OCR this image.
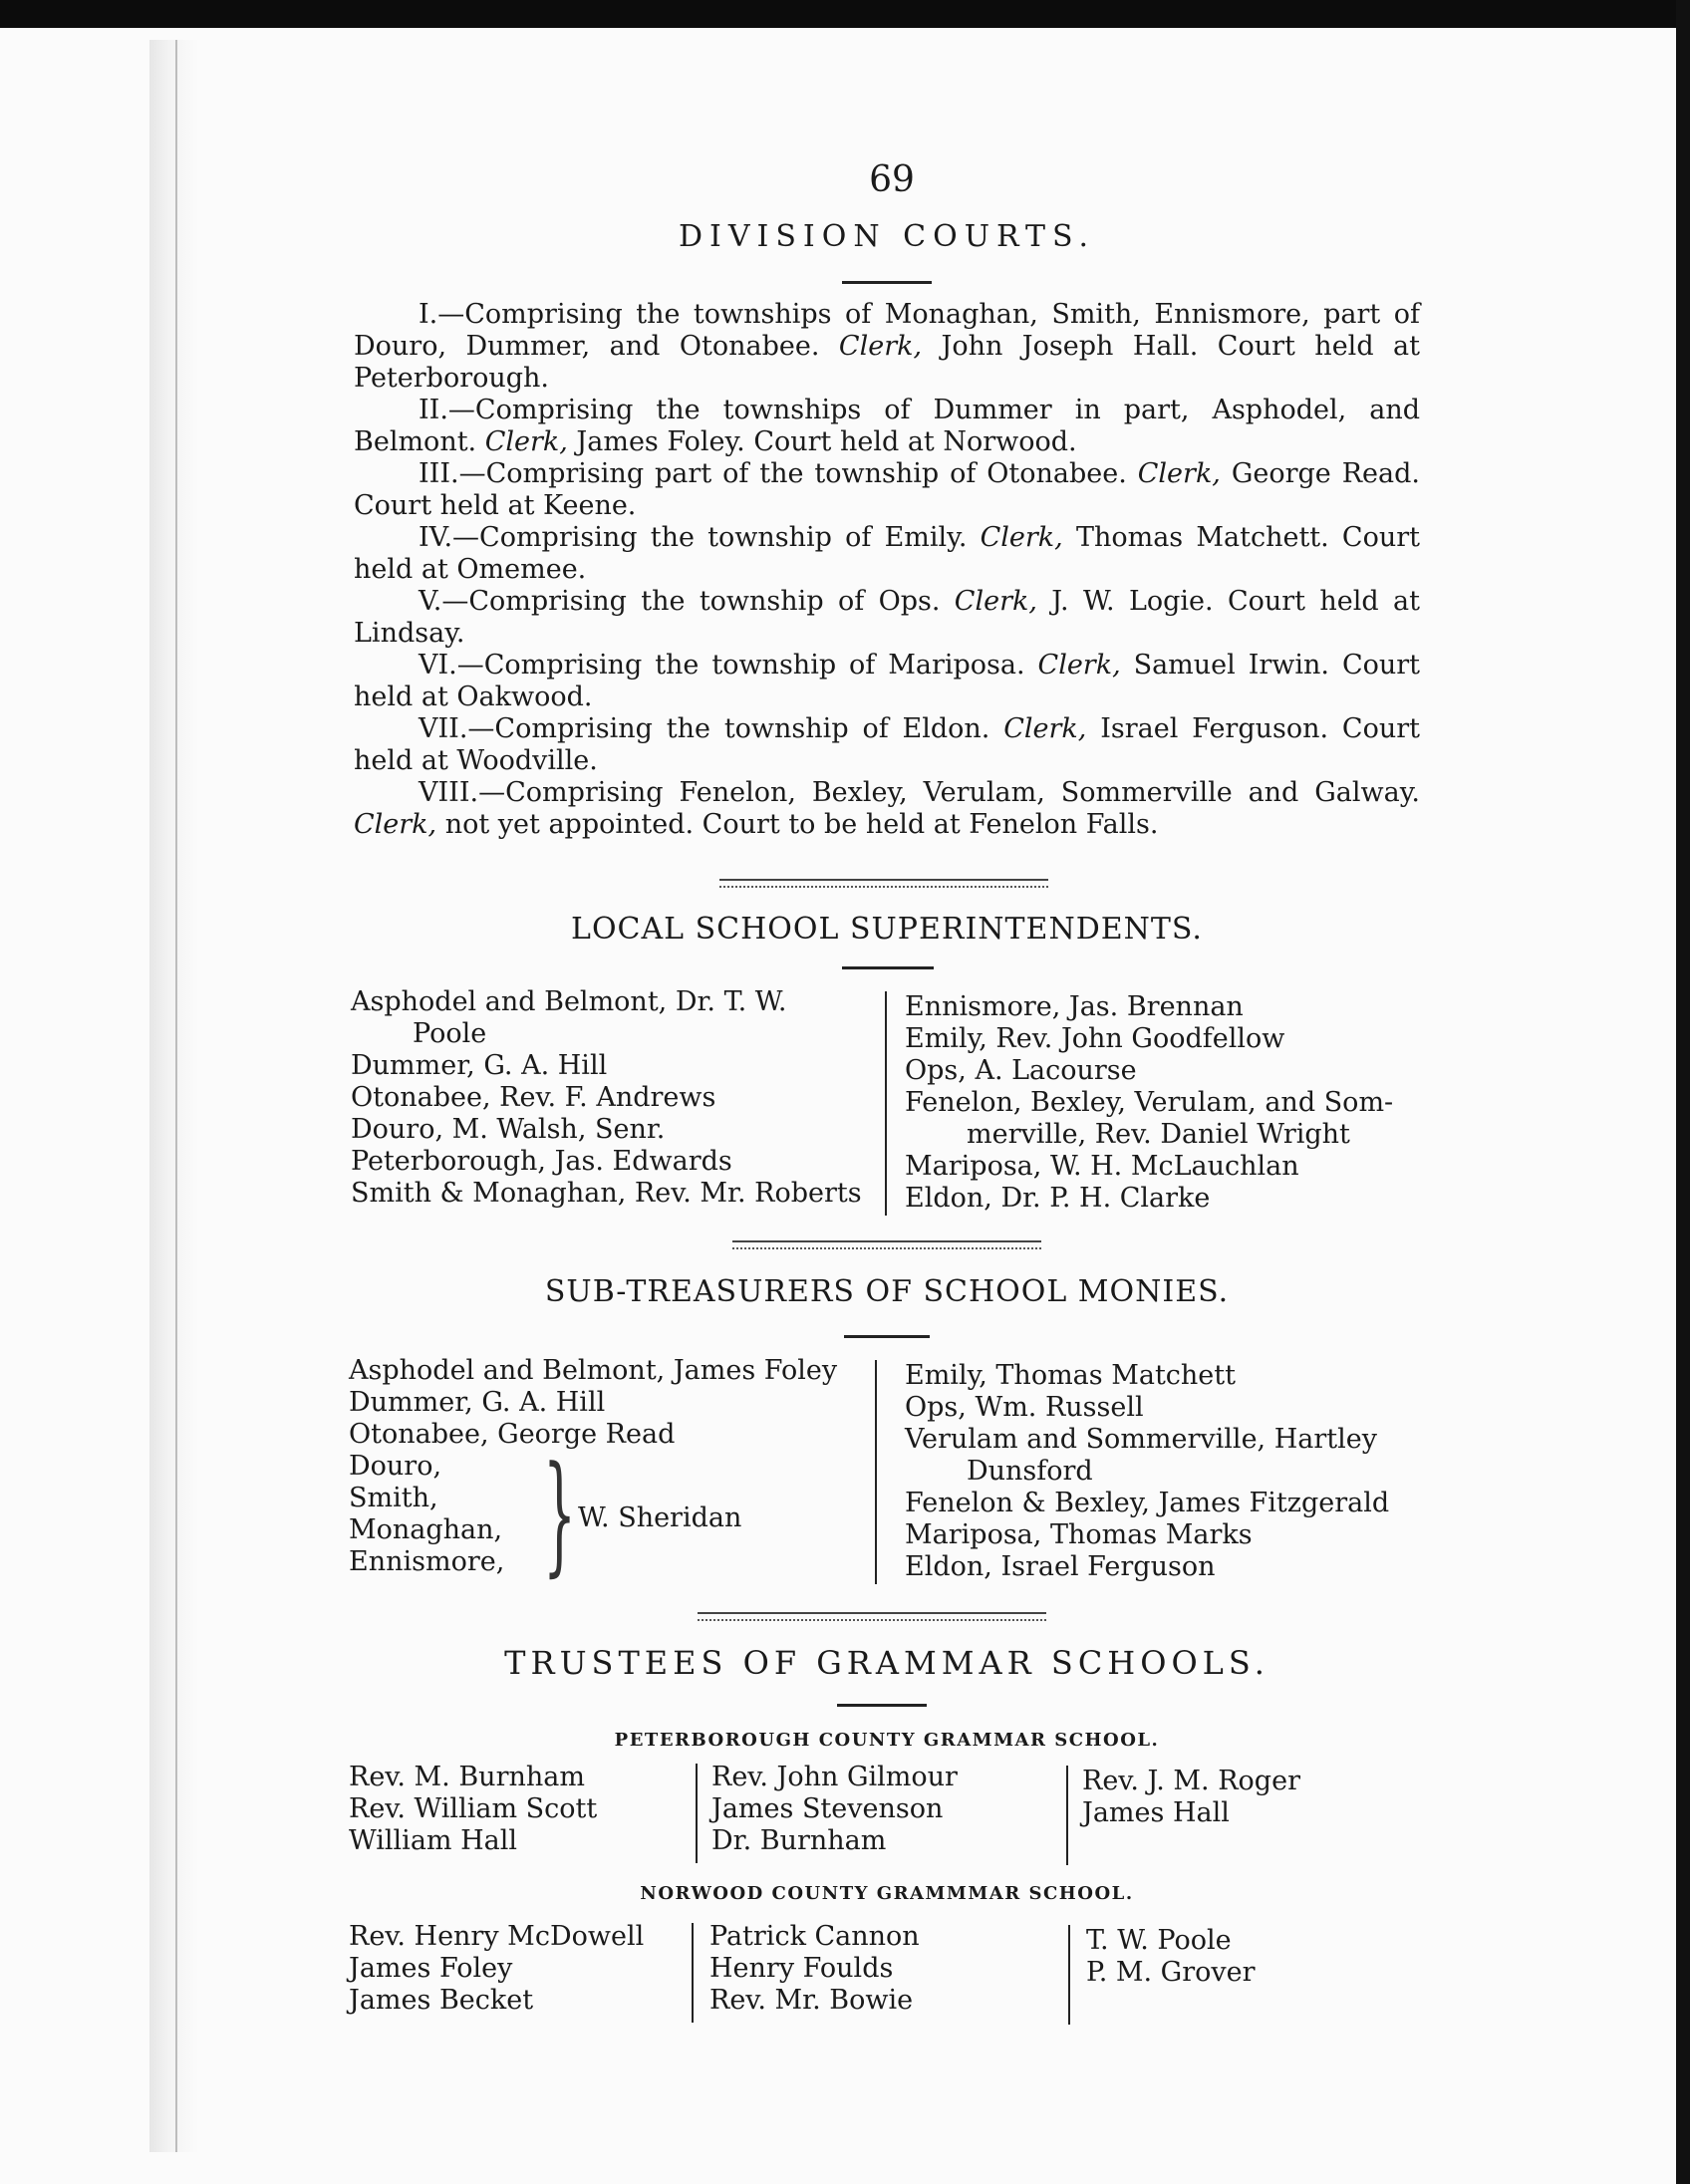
69
DIVISION COURTS.

I.—Comprising the townships of Monaghan, Smith, Ennismore, part of Douro, Dummer, and Otonabee. Clerk, John Joseph Hall. Court held at Peterborough.

II.—Comprising the townships of Dummer in part, Asphodel, and Belmont. Clerk, James Foley. Court held at Norwood.

III.—Comprising part of the township of Otonabee. Clerk, George Read. Court held at Keene.

IV.—Comprising the township of Emily. Clerk, Thomas Matchett. Court held at Omemee.

V.—Comprising the township of Ops. Clerk, J. W. Logie. Court held at Lindsay.

VI.—Comprising the township of Mariposa. Clerk, Samuel Irwin. Court held at Oakwood.

VII.—Comprising the township of Eldon. Clerk, Israel Ferguson. Court held at Woodville.

VIII.—Comprising Fenelon, Bexley, Verulam, Sommerville and Galway. Clerk, not yet appointed. Court to be held at Fenelon Falls.

LOCAL SCHOOL SUPERINTENDENTS.
Asphodel and Belmont, Dr. T. W.
Poole
Dummer, G. A. Hill
Otonabee, Rev. F. Andrews
Douro, M. Walsh, Senr.
Peterborough, Jas. Edwards
Smith & Monaghan, Rev. Mr. Roberts
Ennismore, Jas. Brennan
Emily, Rev. John Goodfellow
Ops, A. Lacourse
Fenelon, Bexley, Verulam, and Som-
merville, Rev. Daniel Wright
Mariposa, W. H. McLauchlan
Eldon, Dr. P. H. Clarke
SUB-TREASURERS OF SCHOOL MONIES.
Asphodel and Belmont, James Foley
Dummer, G. A. Hill
Otonabee, George Read
Douro,
Smith,
Monaghan,
Ennismore, } W. Sheridan
Emily, Thomas Matchett
Ops, Wm. Russell
Verulam and Sommerville, Hartley
Dunsford
Fenelon & Bexley, James Fitzgerald
Mariposa, Thomas Marks
Eldon, Israel Ferguson
TRUSTEES OF GRAMMAR SCHOOLS.
PETERBOROUGH COUNTY GRAMMAR SCHOOL.
Rev. M. Burnham
Rev. William Scott
William Hall
Rev. John Gilmour
James Stevenson
Dr. Burnham
Rev. J. M. Roger
James Hall
NORWOOD COUNTY GRAMMMAR SCHOOL.
Rev. Henry McDowell
James Foley
James Becket
Patrick Cannon
Henry Foulds
Rev. Mr. Bowie
T. W. Poole
P. M. Grover
